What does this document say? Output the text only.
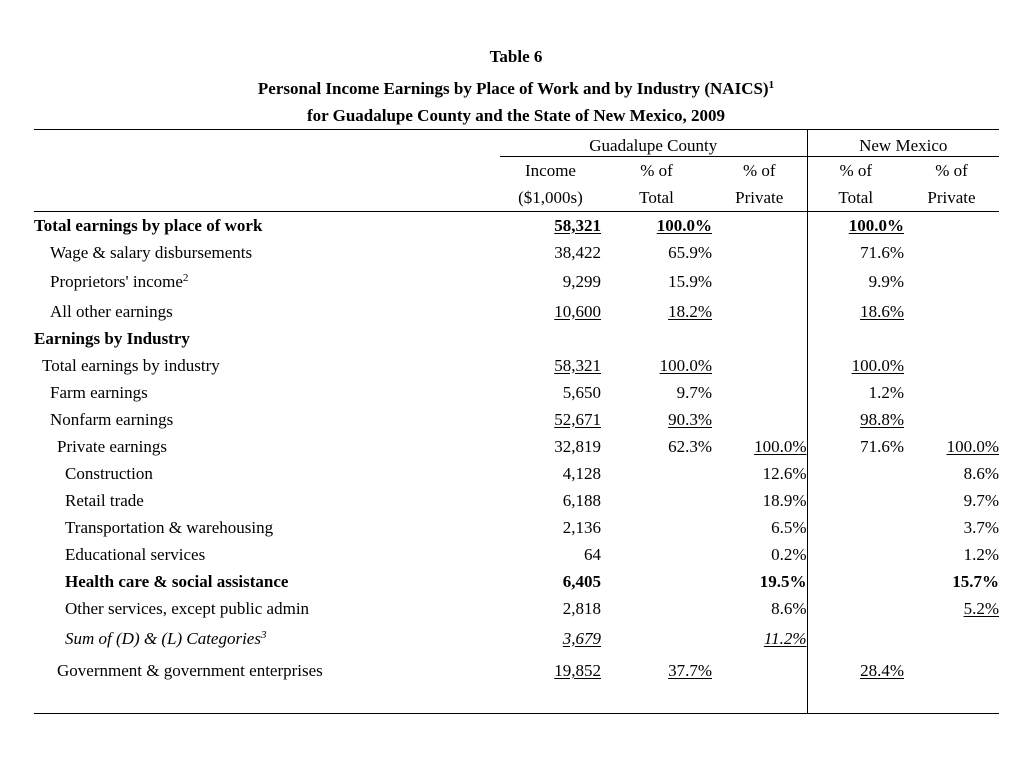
Table 6
Personal Income Earnings by Place of Work and by Industry (NAICS)$^1$
for Guadalupe County and the State of New Mexico, 2009
	Guadalupe County			New Mexico	
	Income	% of	% of	% of	% of
	($1,000s)	Total	Private	Total	Private
Total earnings by place of work	58,321	100.0%		100.0%	
Wage & salary disbursements	38,422	65.9%		71.6%	
Proprietors' income$^2$	9,299	15.9%		9.9%	
All other earnings	10,600	18.2%		18.6%	
Earnings by Industry					
Total earnings by industry	58,321	100.0%		100.0%	
Farm earnings	5,650	9.7%		1.2%	
Nonfarm earnings	52,671	90.3%		98.8%	
Private earnings	32,819	62.3%	100.0%	71.6%	100.0%
Construction	4,128		12.6%		8.6%
Retail trade	6,188		18.9%		9.7%
Transportation & warehousing	2,136		6.5%		3.7%
Educational services	64		0.2%		1.2%
Health care & social assistance	6,405		19.5%		15.7%
Other services, except public admin	2,818		8.6%		5.2%
Sum of (D) & (L) Categories$^3$	3,679		11.2%		
Government & government enterprises	19,852	37.7%		28.4%	
